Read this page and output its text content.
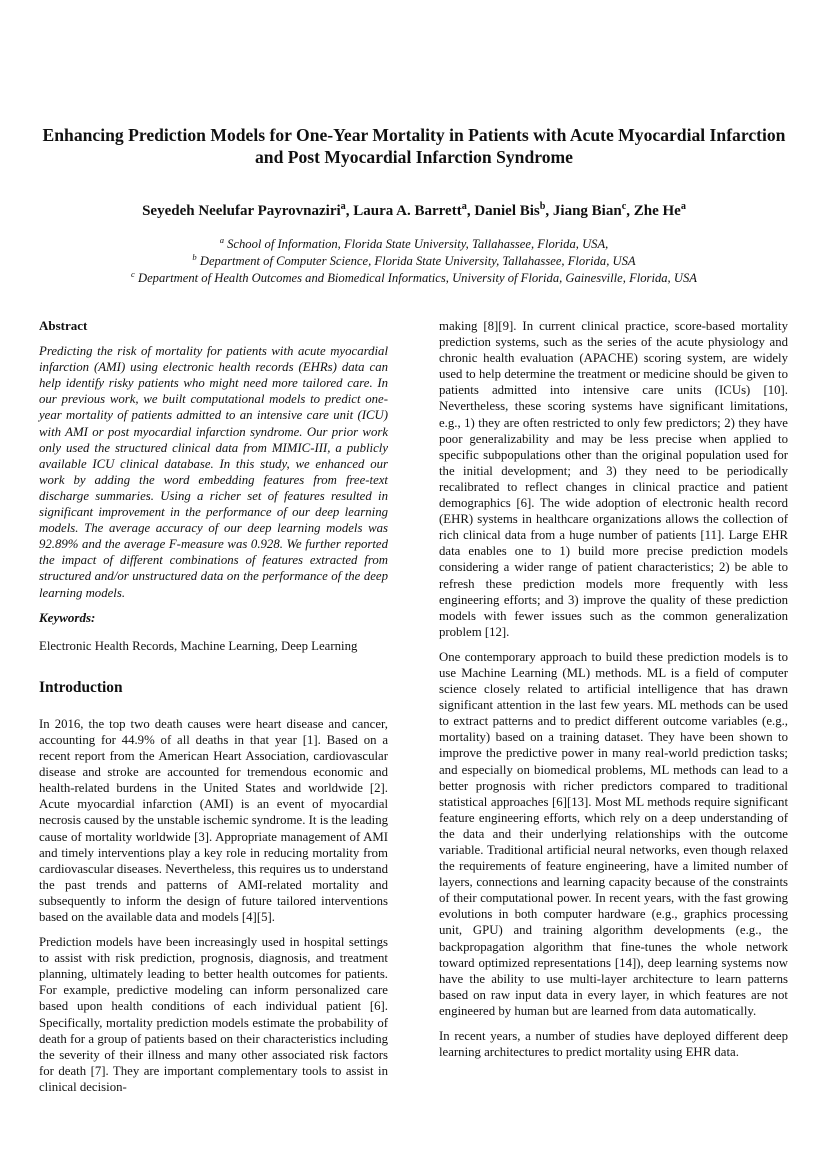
Enhancing Prediction Models for One-Year Mortality in Patients with Acute Myocardial Infarction and Post Myocardial Infarction Syndrome
Seyedeh Neelufar Payrovnaziri$^a$, Laura A. Barrett$^a$, Daniel Bis$^b$, Jiang Bian$^c$, Zhe He$^a$
$^a$ School of Information, Florida State University, Tallahassee, Florida, USA,
$^b$ Department of Computer Science, Florida State University, Tallahassee, Florida, USA
$^c$ Department of Health Outcomes and Biomedical Informatics, University of Florida, Gainesville, Florida, USA
Abstract

Predicting the risk of mortality for patients with acute myocardial infarction (AMI) using electronic health records (EHRs) data can help identify risky patients who might need more tailored care. In our previous work, we built computational models to predict one-year mortality of patients admitted to an intensive care unit (ICU) with AMI or post myocardial infarction syndrome. Our prior work only used the structured clinical data from MIMIC-III, a publicly available ICU clinical database. In this study, we enhanced our work by adding the word embedding features from free-text discharge summaries. Using a richer set of features resulted in significant improvement in the performance of our deep learning models. The average accuracy of our deep learning models was 92.89% and the average F-measure was 0.928. We further reported the impact of different combinations of features extracted from structured and/or unstructured data on the performance of the deep learning models.

Keywords:
Electronic Health Records, Machine Learning, Deep Learning
Introduction

In 2016, the top two death causes were heart disease and cancer, accounting for 44.9% of all deaths in that year [1]. Based on a recent report from the American Heart Association, cardiovascular disease and stroke are accounted for tremendous economic and health-related burdens in the United States and worldwide [2]. Acute myocardial infarction (AMI) is an event of myocardial necrosis caused by the unstable ischemic syndrome. It is the leading cause of mortality worldwide [3]. Appropriate management of AMI and timely interventions play a key role in reducing mortality from cardiovascular diseases. Nevertheless, this requires us to understand the past trends and patterns of AMI-related mortality and subsequently to inform the design of future tailored interventions based on the available data and models [4][5].

Prediction models have been increasingly used in hospital settings to assist with risk prediction, prognosis, diagnosis, and treatment planning, ultimately leading to better health outcomes for patients. For example, predictive modeling can inform personalized care based upon health conditions of each individual patient [6]. Specifically, mortality prediction models estimate the probability of death for a group of patients based on their characteristics including the severity of their illness and many other associated risk factors for death [7]. They are important complementary tools to assist in clinical decision-

making [8][9]. In current clinical practice, score-based mortality prediction systems, such as the series of the acute physiology and chronic health evaluation (APACHE) scoring system, are widely used to help determine the treatment or medicine should be given to patients admitted into intensive care units (ICUs) [10]. Nevertheless, these scoring systems have significant limitations, e.g., 1) they are often restricted to only few predictors; 2) they have poor generalizability and may be less precise when applied to specific subpopulations other than the original population used for the initial development; and 3) they need to be periodically recalibrated to reflect changes in clinical practice and patient demographics [6]. The wide adoption of electronic health record (EHR) systems in healthcare organizations allows the collection of rich clinical data from a huge number of patients [11]. Large EHR data enables one to 1) build more precise prediction models considering a wider range of patient characteristics; 2) be able to refresh these prediction models more frequently with less engineering efforts; and 3) improve the quality of these prediction models with fewer issues such as the common generalization problem [12].

One contemporary approach to build these prediction models is to use Machine Learning (ML) methods. ML is a field of computer science closely related to artificial intelligence that has drawn significant attention in the last few years. ML methods can be used to extract patterns and to predict different outcome variables (e.g., mortality) based on a training dataset. They have been shown to improve the predictive power in many real-world prediction tasks; and especially on biomedical problems, ML methods can lead to a better prognosis with richer predictors compared to traditional statistical approaches [6][13]. Most ML methods require significant feature engineering efforts, which rely on a deep understanding of the data and their underlying relationships with the outcome variable. Traditional artificial neural networks, even though relaxed the requirements of feature engineering, have a limited number of layers, connections and learning capacity because of the constraints of their computational power. In recent years, with the fast growing evolutions in both computer hardware (e.g., graphics processing unit, GPU) and training algorithm developments (e.g., the backpropagation algorithm that fine-tunes the whole network toward optimized representations [14]), deep learning systems now have the ability to use multi-layer architecture to learn patterns based on raw input data in every layer, in which features are not engineered by human but are learned from data automatically.

In recent years, a number of studies have deployed different deep learning architectures to predict mortality using EHR data.
